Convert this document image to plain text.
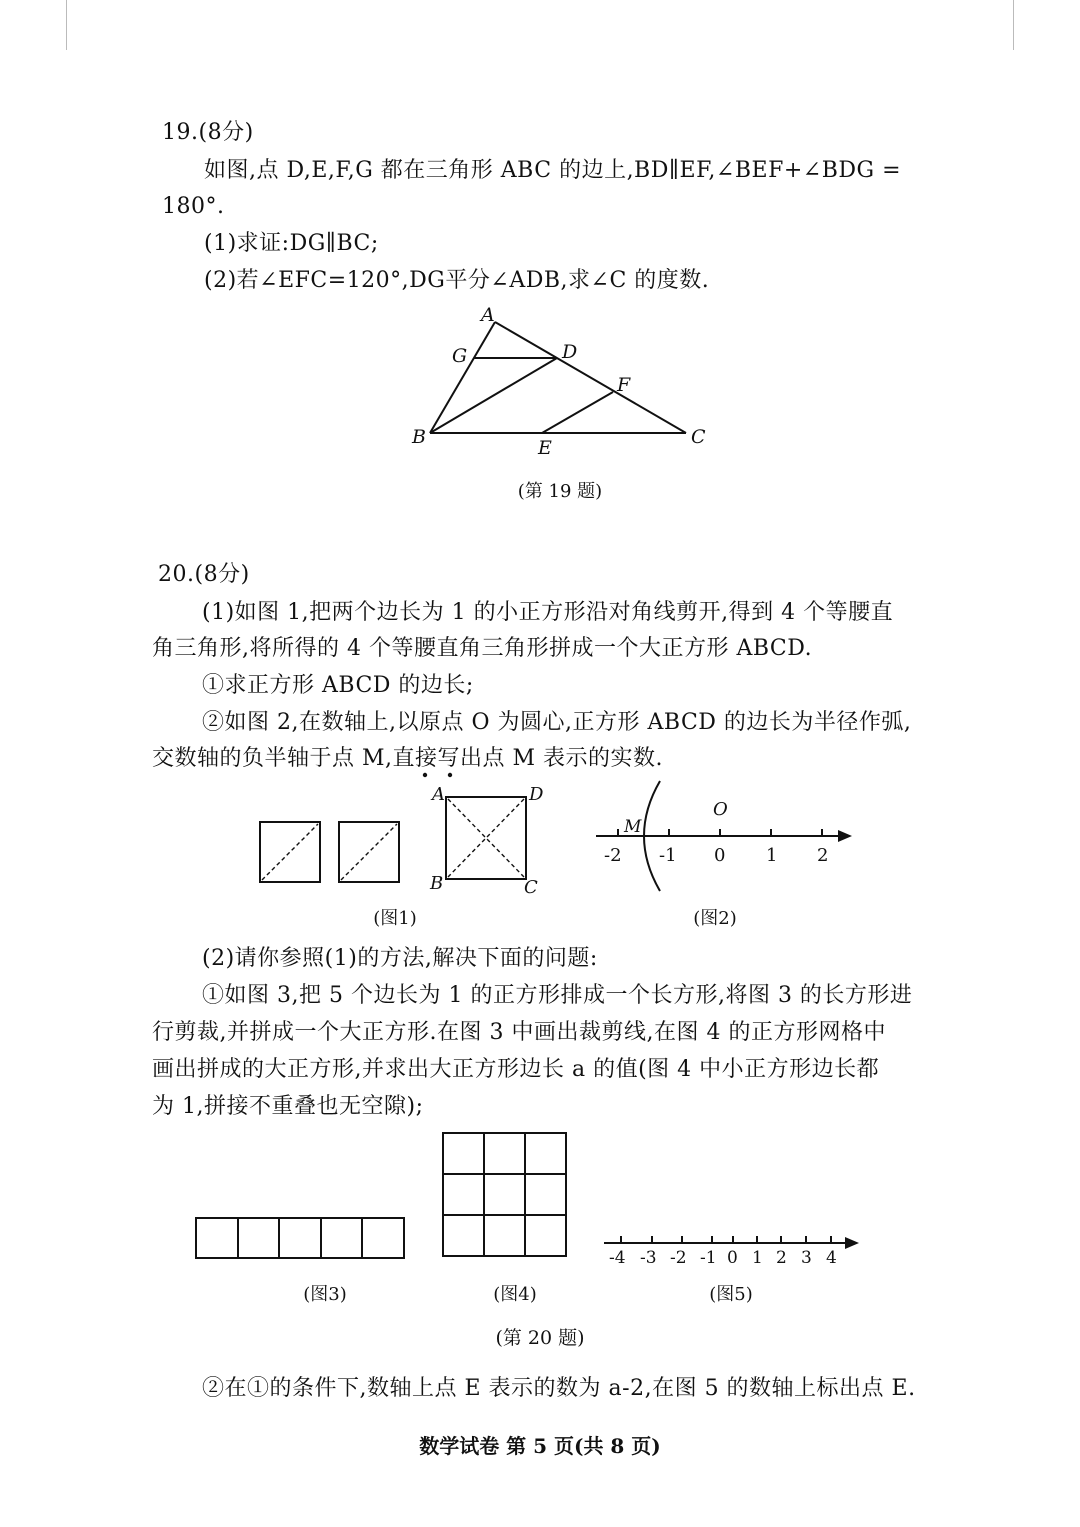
19.(8分)
如图,点 D,E,F,G 都在三角形 ABC 的边上,BD∥EF,∠BEF+∠BDG =
180°.
(1)求证:DG∥BC;
(2)若∠EFC=120°,DG平分∠ADB,求∠C 的度数.
A
G	D
F
B	E	C
(第 19 题)
20.(8分)
(1)如图 1,把两个边长为 1 的小正方形沿对角线剪开,得到 4 个等腰直
角三角形,将所得的 4 个等腰直角三角形拼成一个大正方形 ABCD.
①求正方形 ABCD 的边长;
②如图 2,在数轴上,以原点 O 为圆心,正方形 ABCD 的边长为半径作弧,
交数轴的负半轴于点 M,直接写出点 M 表示的实数.
A	D
B	C
O
M
-2 -1 0 1 2
(图1)	(图2)
(2)请你参照(1)的方法,解决下面的问题:
①如图 3,把 5 个边长为 1 的正方形排成一个长方形,将图 3 的长方形进
行剪裁,并拼成一个大正方形.在图 3 中画出裁剪线,在图 4 的正方形网格中
画出拼成的大正方形,并求出大正方形边长 a 的值(图 4 中小正方形边长都
为 1,拼接不重叠也无空隙);
-4 -3 -2 -1 0 1 2 3 4
(图3)	(图4)	(图5)
(第 20 题)
②在①的条件下,数轴上点 E 表示的数为 a-2,在图 5 的数轴上标出点 E.
数学试卷 第 5 页(共 8 页)
